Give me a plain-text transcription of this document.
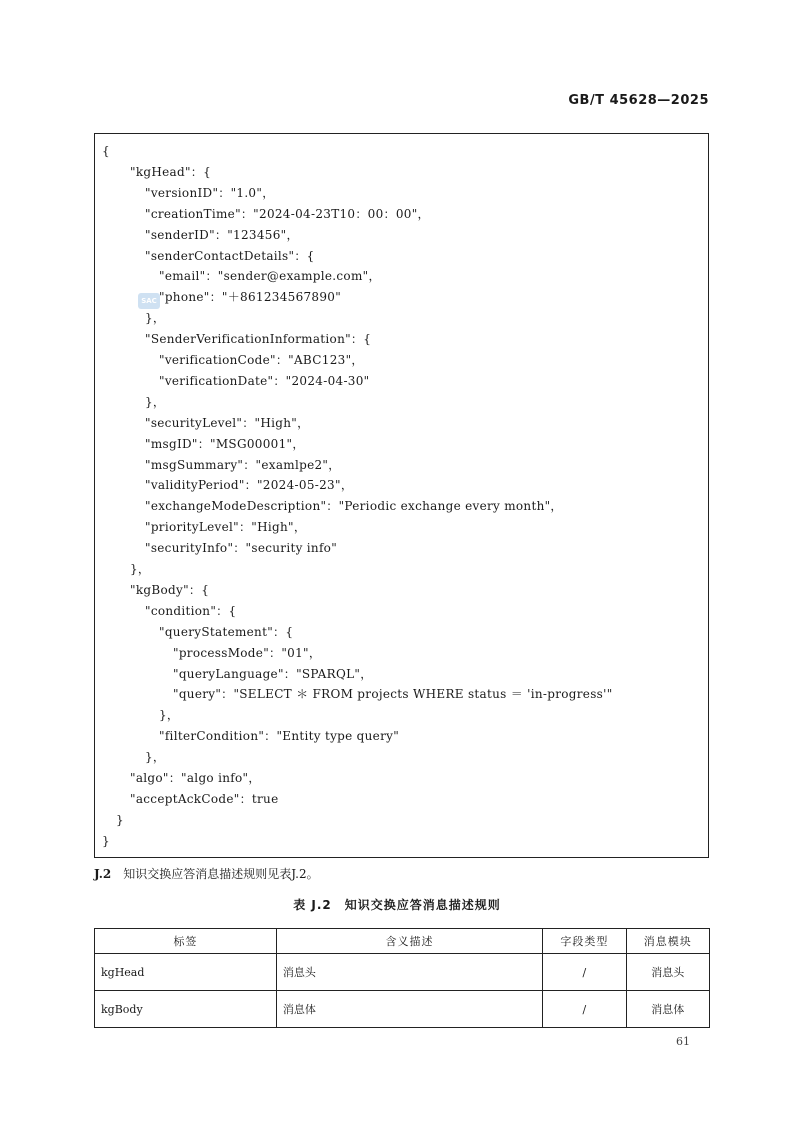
GB/T 45628—2025
SAC
{
"kgHead"：{
"versionID"："1.0"，
"creationTime"："2024-04-23T10：00：00"，
"senderID"："123456"，
"senderContactDetails"：{
"email"："sender@example.com"，
"phone"："＋861234567890"
}，
"SenderVerificationInformation"：{
"verificationCode"："ABC123"，
"verificationDate"："2024-04-30"
}，
"securityLevel"："High"，
"msgID"："MSG00001"，
"msgSummary"："examlpe2"，
"validityPeriod"："2024-05-23"，
"exchangeModeDescription"："Periodic exchange every month"，
"priorityLevel"："High"，
"securityInfo"："security info"
}，
"kgBody"：{
"condition"：{
"queryStatement"：{
"processMode"："01"，
"queryLanguage"："SPARQL"，
"query"："SELECT ＊ FROM projects WHERE status ＝ 'in-progress'"
}，
"filterCondition"："Entity type query"
}，
"algo"："algo info"，
"acceptAckCode"：true
}
}
J.2 知识交换应答消息描述规则见表J.2。
表 J.2　知识交换应答消息描述规则
标签	含义描述	字段类型	消息模块
kgHead	消息头	/	消息头
kgBody	消息体	/	消息体
61
